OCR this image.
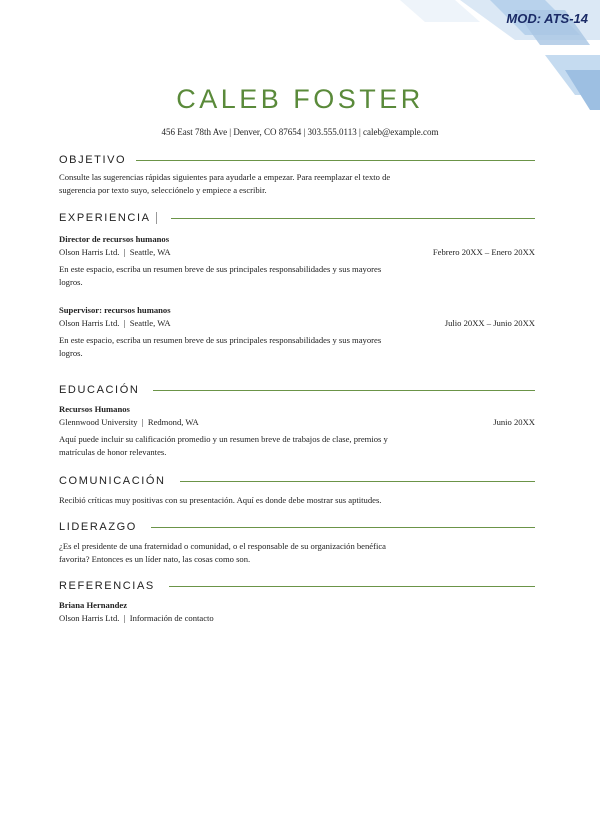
MOD: ATS-14
CALEB FOSTER
456 East 78th Ave | Denver, CO 87654 | 303.555.0113 | caleb@example.com
OBJETIVO
Consulte las sugerencias rápidas siguientes para ayudarle a empezar. Para reemplazar el texto de
sugerencia por texto suyo, selecciónelo y empiece a escribir.
EXPERIENCIA
Director de recursos humanos
Olson Harris Ltd.  |  Seattle, WA	Febrero 20XX – Enero 20XX
En este espacio, escriba un resumen breve de sus principales responsabilidades y sus mayores
logros.
Supervisor: recursos humanos
Olson Harris Ltd.  |  Seattle, WA	Julio 20XX – Junio 20XX
En este espacio, escriba un resumen breve de sus principales responsabilidades y sus mayores
logros.
EDUCACIÓN
Recursos Humanos
Glennwood University  |  Redmond, WA	Junio 20XX
Aquí puede incluir su calificación promedio y un resumen breve de trabajos de clase, premios y
matrículas de honor relevantes.
COMUNICACIÓN
Recibió críticas muy positivas con su presentación. Aquí es donde debe mostrar sus aptitudes.
LIDERAZGO
¿Es el presidente de una fraternidad o comunidad, o el responsable de su organización benéfica
favorita? Entonces es un líder nato, las cosas como son.
REFERENCIAS
Briana Hernandez
Olson Harris Ltd.  |  Información de contacto
